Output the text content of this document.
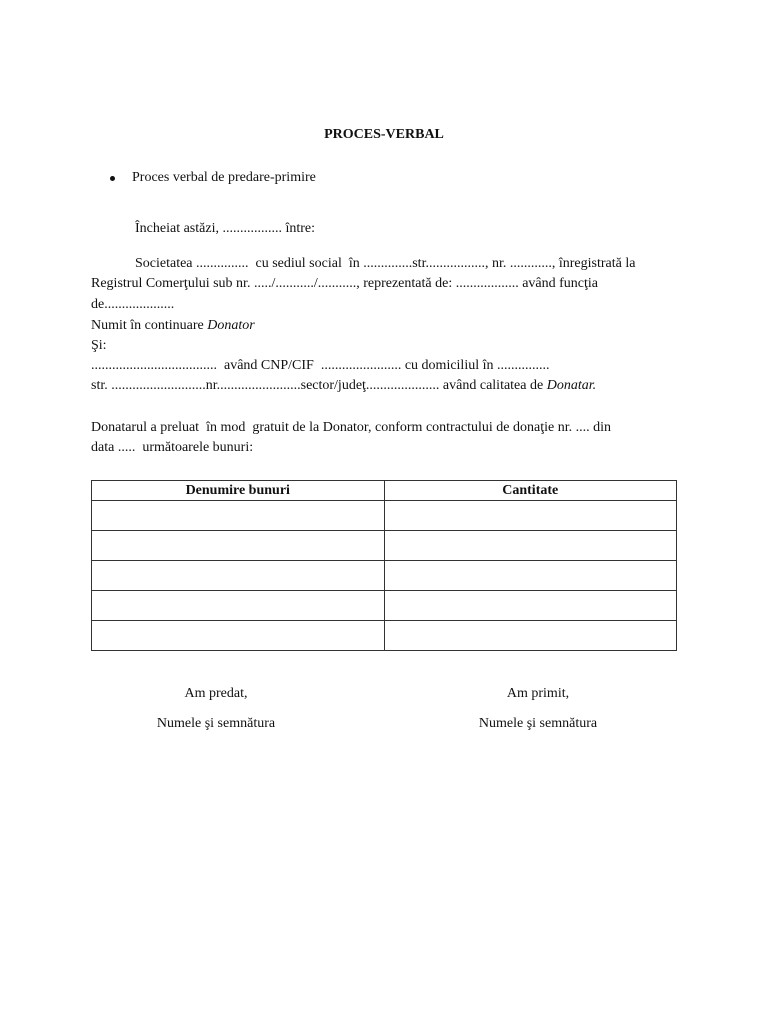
PROCES-VERBAL
Proces verbal de predare-primire
Încheiat astăzi, ................. între:
Societatea ...............  cu sediul social  în ..............str................., nr. ............, înregistrată la
Registrul Comerţului sub nr. ...../.........../..........., reprezentată de: .................. având funcţia
de....................
Numit în continuare Donator
Şi:
....................................  având CNP/CIF  ....................... cu domiciliul în ...............
str. ...........................nr........................sector/judeţ..................... având calitatea de Donatar.
Donatarul a preluat  în mod  gratuit de la Donator, conform contractului de donaţie nr. .... din
data .....  următoarele bunuri:
Denumire bunuri	Cantitate

Am predat,
Numele şi semnătura
Am primit,
Numele şi semnătura
